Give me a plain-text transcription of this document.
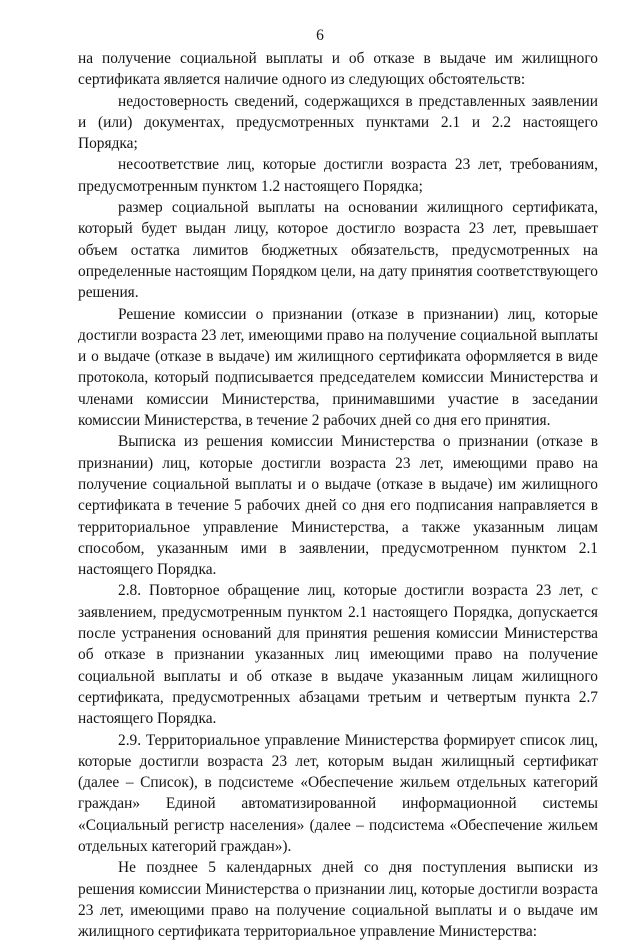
6

на получение социальной выплаты и об отказе в выдаче им жилищного сертификата является наличие одного из следующих обстоятельств:

недостоверность сведений, содержащихся в представленных заявлении и (или) документах, предусмотренных пунктами 2.1 и 2.2 настоящего Порядка;

несоответствие лиц, которые достигли возраста 23 лет, требованиям, предусмотренным пунктом 1.2 настоящего Порядка;

размер социальной выплаты на основании жилищного сертификата, который будет выдан лицу, которое достигло возраста 23 лет, превышает объем остатка лимитов бюджетных обязательств, предусмотренных на определенные настоящим Порядком цели, на дату принятия соответствующего решения.

Решение комиссии о признании (отказе в признании) лиц, которые достигли возраста 23 лет, имеющими право на получение социальной выплаты и о выдаче (отказе в выдаче) им жилищного сертификата оформляется в виде протокола, который подписывается председателем комиссии Министерства и членами комиссии Министерства, принимавшими участие в заседании комиссии Министерства, в течение 2 рабочих дней со дня его принятия.

Выписка из решения комиссии Министерства о признании (отказе в признании) лиц, которые достигли возраста 23 лет, имеющими право на получение социальной выплаты и о выдаче (отказе в выдаче) им жилищного сертификата в течение 5 рабочих дней со дня его подписания направляется в территориальное управление Министерства, а также указанным лицам способом, указанным ими в заявлении, предусмотренном пунктом 2.1 настоящего Порядка.

2.8. Повторное обращение лиц, которые достигли возраста 23 лет, с заявлением, предусмотренным пунктом 2.1 настоящего Порядка, допускается после устранения оснований для принятия решения комиссии Министерства об отказе в признании указанных лиц имеющими право на получение социальной выплаты и об отказе в выдаче указанным лицам жилищного сертификата, предусмотренных абзацами третьим и четвертым пункта 2.7 настоящего Порядка.

2.9. Территориальное управление Министерства формирует список лиц, которые достигли возраста 23 лет, которым выдан жилищный сертификат (далее – Список), в подсистеме «Обеспечение жильем отдельных категорий граждан» Единой автоматизированной информационной системы «Социальный регистр населения» (далее – подсистема «Обеспечение жильем отдельных категорий граждан»).

Не позднее 5 календарных дней со дня поступления выписки из решения комиссии Министерства о признании лиц, которые достигли возраста 23 лет, имеющими право на получение социальной выплаты и о выдаче им жилищного сертификата территориальное управление Министерства:
